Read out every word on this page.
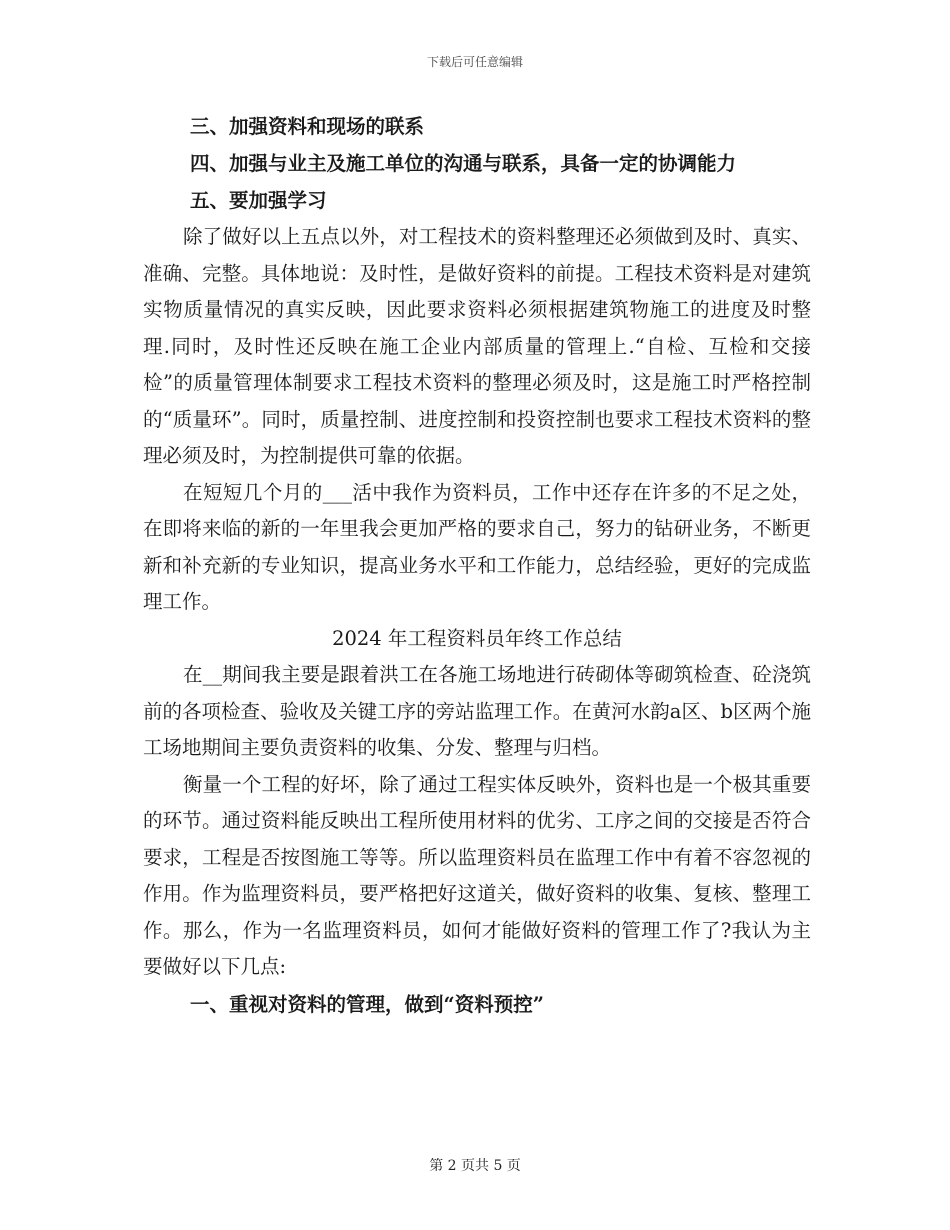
下载后可任意编辑

三、加强资料和现场的联系

四、加强与业主及施工单位的沟通与联系，具备一定的协调能力

五、要加强学习

除了做好以上五点以外，对工程技术的资料整理还必须做到及时、真实、准确、完整。具体地说：及时性，是做好资料的前提。工程技术资料是对建筑实物质量情况的真实反映，因此要求资料必须根据建筑物施工的进度及时整理.同时，及时性还反映在施工企业内部质量的管理上.“自检、互检和交接检”的质量管理体制要求工程技术资料的整理必须及时，这是施工时严格控制的“质量环”。同时，质量控制、进度控制和投资控制也要求工程技术资料的整理必须及时，为控制提供可靠的依据。

在短短几个月的___活中我作为资料员，工作中还存在许多的不足之处，在即将来临的新的一年里我会更加严格的要求自己，努力的钻研业务，不断更新和补充新的专业知识，提高业务水平和工作能力，总结经验，更好的完成监理工作。

2024 年工程资料员年终工作总结

在__期间我主要是跟着洪工在各施工场地进行砖砌体等砌筑检查、砼浇筑前的各项检查、验收及关键工序的旁站监理工作。在黄河水韵a区、b区两个施工场地期间主要负责资料的收集、分发、整理与归档。

衡量一个工程的好坏，除了通过工程实体反映外，资料也是一个极其重要的环节。通过资料能反映出工程所使用材料的优劣、工序之间的交接是否符合要求，工程是否按图施工等等。所以监理资料员在监理工作中有着不容忽视的作用。作为监理资料员，要严格把好这道关，做好资料的收集、复核、整理工作。那么，作为一名监理资料员，如何才能做好资料的管理工作了?我认为主要做好以下几点:

一、重视对资料的管理，做到“资料预控”

第 2 页共 5 页
